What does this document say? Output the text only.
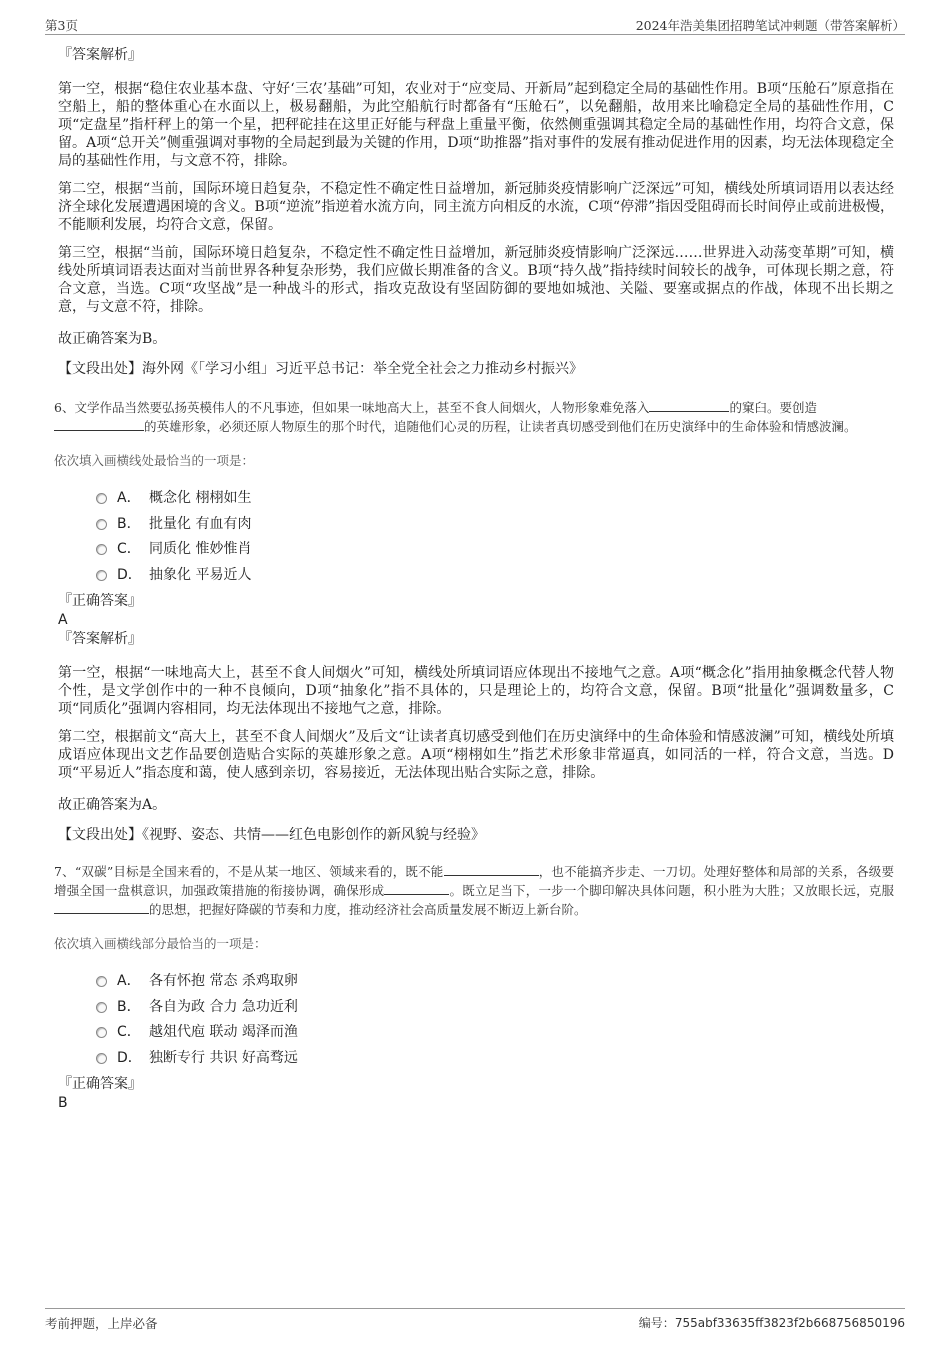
第3页	2024年浩美集团招聘笔试冲刺题（带答案解析）

『答案解析』

第一空，根据“稳住农业基本盘、守好‘三农’基础”可知，农业对于“应变局、开新局”起到稳定全局的基础性作用。B项“压舱石”原意指在空船上，船的整体重心在水面以上，极易翻船，为此空船航行时都备有“压舱石”，以免翻船，故用来比喻稳定全局的基础性作用，C项“定盘星”指杆秤上的第一个星，把秤砣挂在这里正好能与秤盘上重量平衡，依然侧重强调其稳定全局的基础性作用，均符合文意，保留。A项“总开关”侧重强调对事物的全局起到最为关键的作用，D项“助推器”指对事件的发展有推动促进作用的因素，均无法体现稳定全局的基础性作用，与文意不符，排除。

第二空，根据“当前，国际环境日趋复杂，不稳定性不确定性日益增加，新冠肺炎疫情影响广泛深远”可知，横线处所填词语用以表达经济全球化发展遭遇困境的含义。B项“逆流”指逆着水流方向，同主流方向相反的水流，C项“停滞”指因受阻碍而长时间停止或前进极慢，不能顺利发展，均符合文意，保留。

第三空，根据“当前，国际环境日趋复杂，不稳定性不确定性日益增加，新冠肺炎疫情影响广泛深远……世界进入动荡变革期”可知，横线处所填词语表达面对当前世界各种复杂形势，我们应做长期准备的含义。B项“持久战”指持续时间较长的战争，可体现长期之意，符合文意，当选。C项“攻坚战”是一种战斗的形式，指攻克敌设有坚固防御的要地如城池、关隘、要塞或据点的作战，体现不出长期之意，与文意不符，排除。

故正确答案为B。

【文段出处】海外网《「学习小组」习近平总书记：举全党全社会之力推动乡村振兴》

6、文学作品当然要弘扬英模伟人的不凡事迹，但如果一味地高大上，甚至不食人间烟火，人物形象难免落入	的窠臼。要创造
的英雄形象，必须还原人物原生的那个时代，追随他们心灵的历程，让读者真切感受到他们在历史演绎中的生命体验和情感波澜。

依次填入画横线处最恰当的一项是：

A． 概念化 栩栩如生
B． 批量化 有血有肉
C． 同质化 惟妙惟肖
D． 抽象化 平易近人

『正确答案』

A

『答案解析』

第一空，根据“一味地高大上，甚至不食人间烟火”可知，横线处所填词语应体现出不接地气之意。A项“概念化”指用抽象概念代替人物个性，是文学创作中的一种不良倾向，D项“抽象化”指不具体的，只是理论上的，均符合文意，保留。B项“批量化”强调数量多，C项“同质化”强调内容相同，均无法体现出不接地气之意，排除。

第二空，根据前文“高大上，甚至不食人间烟火”及后文“让读者真切感受到他们在历史演绎中的生命体验和情感波澜”可知，横线处所填成语应体现出文艺作品要创造贴合实际的英雄形象之意。A项“栩栩如生”指艺术形象非常逼真，如同活的一样，符合文意，当选。D项“平易近人”指态度和蔼，使人感到亲切，容易接近，无法体现出贴合实际之意，排除。

故正确答案为A。

【文段出处】《视野、姿态、共情——红色电影创作的新风貌与经验》

7、“双碳”目标是全国来看的，不是从某一地区、领域来看的，既不能	，也不能搞齐步走、一刀切。处理好整体和局部的关系，各级要增强全国一盘棋意识，加强政策措施的衔接协调，确保形成	。既立足当下，一步一个脚印解决具体问题，积小胜为大胜；又放眼长远，克服的思想，把握好降碳的节奏和力度，推动经济社会高质量发展不断迈上新台阶。

依次填入画横线部分最恰当的一项是：

A． 各有怀抱 常态 杀鸡取卵
B． 各自为政 合力 急功近利
C． 越俎代庖 联动 竭泽而渔
D． 独断专行 共识 好高骛远

『正确答案』

B

考前押题，上岸必备	编号：755abf33635ff3823f2b668756850196
